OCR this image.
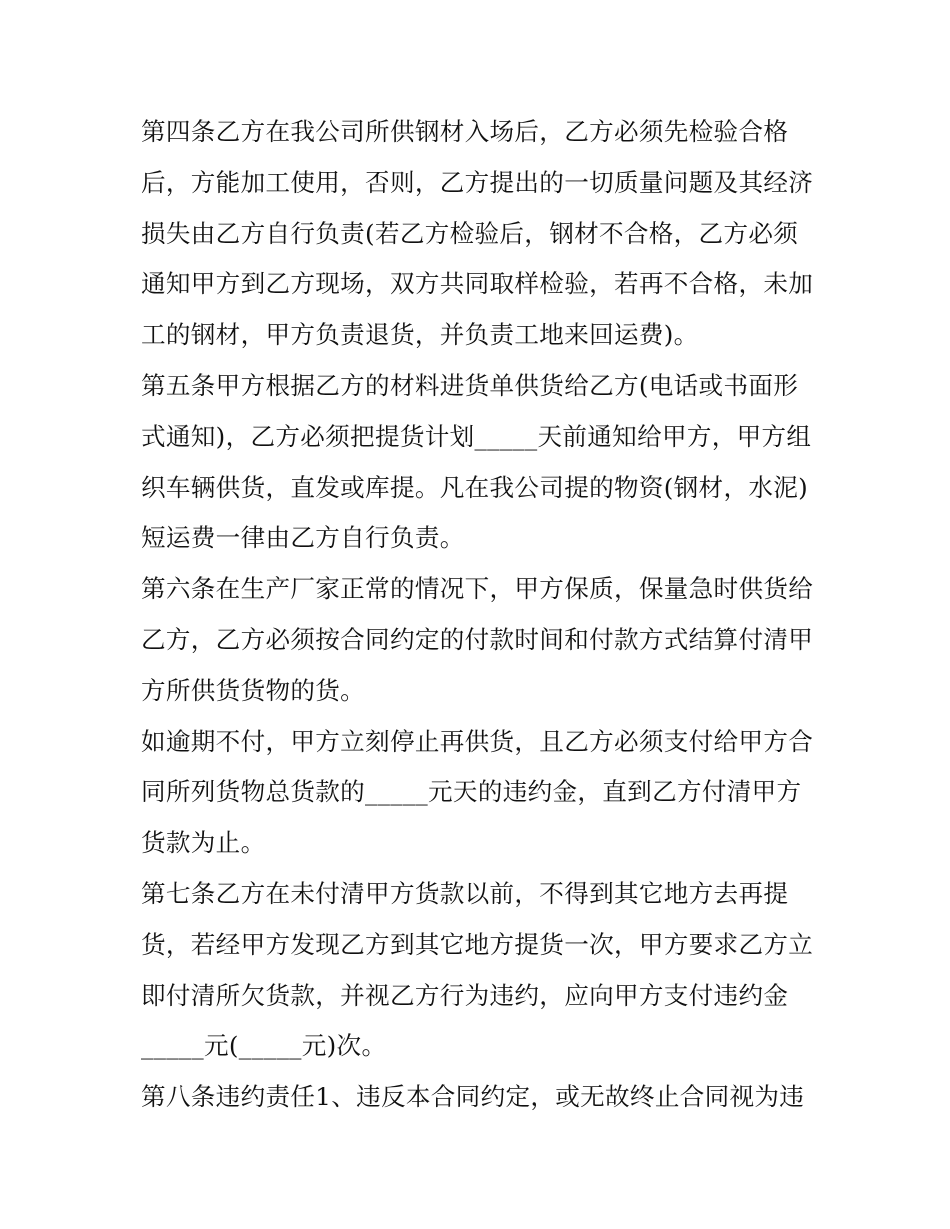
第四条乙方在我公司所供钢材入场后，乙方必须先检验合格
后，方能加工使用，否则，乙方提出的一切质量问题及其经济
损失由乙方自行负责(若乙方检验后，钢材不合格，乙方必须
通知甲方到乙方现场，双方共同取样检验，若再不合格，未加
工的钢材，甲方负责退货，并负责工地来回运费)。
第五条甲方根据乙方的材料进货单供货给乙方(电话或书面形
式通知)，乙方必须把提货计划_____天前通知给甲方，甲方组
织车辆供货，直发或库提。凡在我公司提的物资(钢材，水泥)
短运费一律由乙方自行负责。
第六条在生产厂家正常的情况下，甲方保质，保量急时供货给
乙方，乙方必须按合同约定的付款时间和付款方式结算付清甲
方所供货货物的货。
如逾期不付，甲方立刻停止再供货，且乙方必须支付给甲方合
同所列货物总货款的_____元天的违约金，直到乙方付清甲方
货款为止。
第七条乙方在未付清甲方货款以前，不得到其它地方去再提
货，若经甲方发现乙方到其它地方提货一次，甲方要求乙方立
即付清所欠货款，并视乙方行为违约，应向甲方支付违约金
_____元(_____元)次。
第八条违约责任1、违反本合同约定，或无故终止合同视为违
